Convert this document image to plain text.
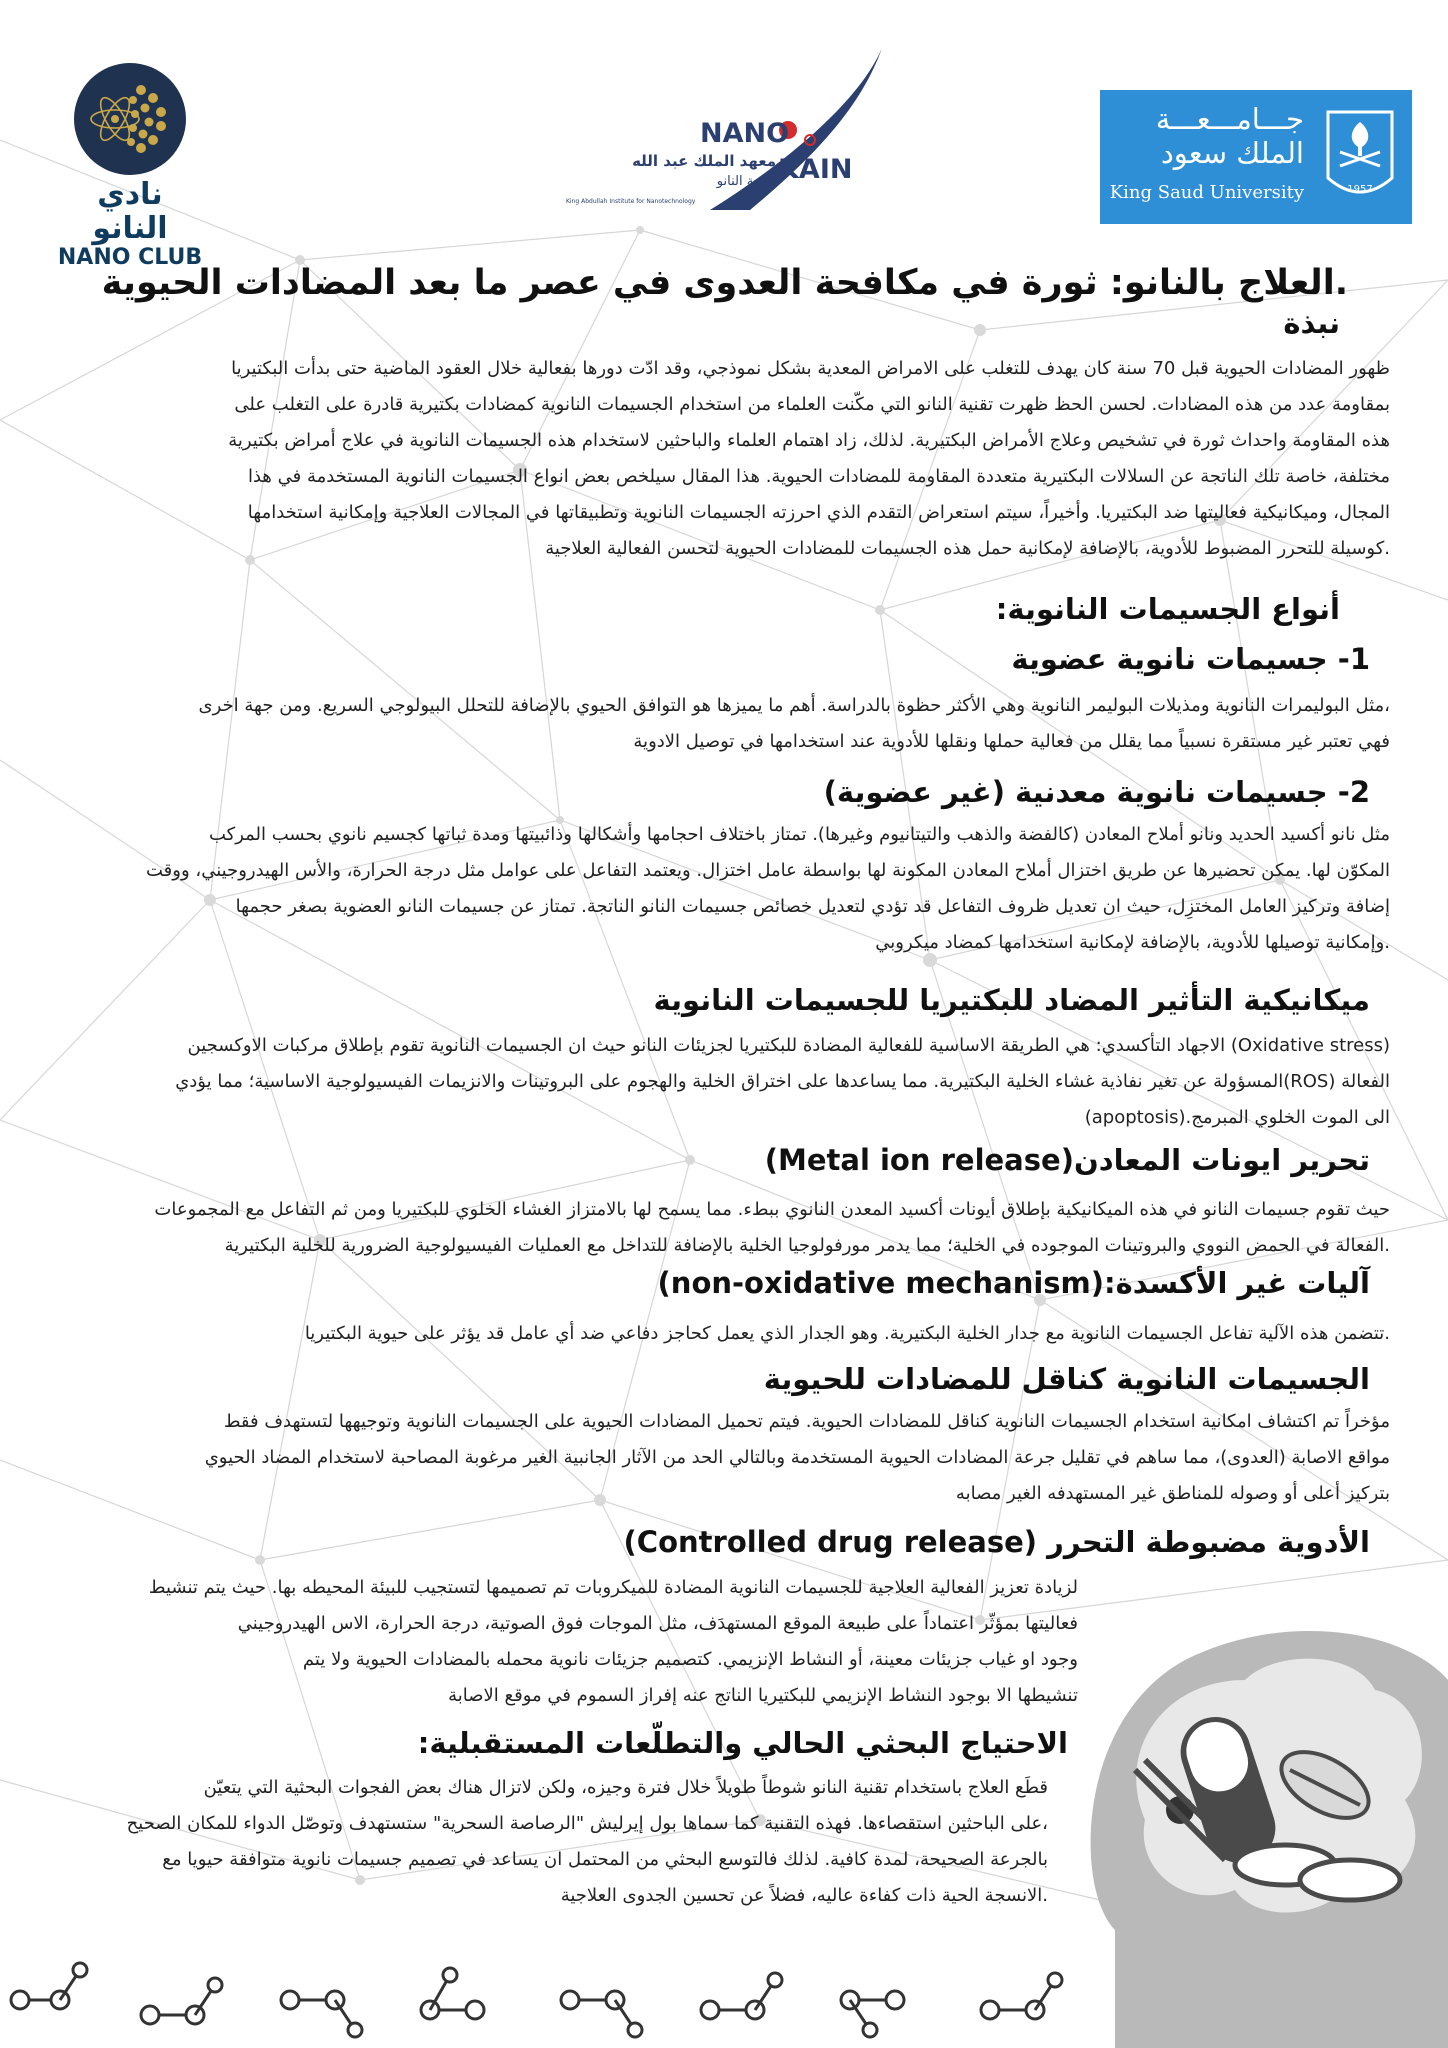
نادي النانو
NANO CLUB
NANO
KAIN
معهد الملك عبد الله
لتقنية النانو
King Abdullah Institute for Nanotechnology
جـــامـــعـــة
الملك سعود
King Saud University	1957
.العلاج بالنانو: ثورة في مكافحة العدوى في عصر ما بعد المضادات الحيوية
نبذة
ظهور المضادات الحيوية قبل 70 سنة كان يهدف للتغلب على الامراض المعدية بشكل نموذجي، وقد ادّت دورها بفعالية خلال العقود الماضية حتى بدأت البكتيريا
بمقاومة عدد من هذه المضادات. لحسن الحظ ظهرت تقنية النانو التي مكّنت العلماء من استخدام الجسيمات النانوية كمضادات بكتيرية قادرة على التغلب على
هذه المقاومة واحداث ثورة في تشخيص وعلاج الأمراض البكتيرية. لذلك، زاد اهتمام العلماء والباحثين لاستخدام هذه الجسيمات النانوية في علاج أمراض بكتيرية
مختلفة، خاصة تلك الناتجة عن السلالات البكتيرية متعددة المقاومة للمضادات الحيوية. هذا المقال سيلخص بعض انواع الجسيمات النانوية المستخدمة في هذا
المجال، وميكانيكية فعاليتها ضد البكتيريا. وأخيراً، سيتم استعراض التقدم الذي احرزته الجسيمات النانوية وتطبيقاتها في المجالات العلاجية وإمكانية استخدامها
.كوسيلة للتحرر المضبوط للأدوية، بالإضافة لإمكانية حمل هذه الجسيمات للمضادات الحيوية لتحسن الفعالية العلاجية
أنواع الجسيمات النانوية:
1- جسيمات نانوية عضوية
،مثل البوليمرات النانوية ومذيلات البوليمر النانوية وهي الأكثر حظوة بالدراسة. أهم ما يميزها هو التوافق الحيوي بالإضافة للتحلل البيولوجي السريع. ومن جهة اخرى
فهي تعتبر غير مستقرة نسبياً مما يقلل من فعالية حملها ونقلها للأدوية عند استخدامها في توصيل الادوية
2- جسيمات نانوية معدنية (غير عضوية)
مثل نانو أكسيد الحديد ونانو أملاح المعادن (كالفضة والذهب والتيتانيوم وغيرها). تمتاز باختلاف احجامها وأشكالها وذائبيتها ومدة ثباتها كجسيم نانوي بحسب المركب
المكوّن لها. يمكن تحضيرها عن طريق اختزال أملاح المعادن المكونة لها بواسطة عامل اختزال. ويعتمد التفاعل على عوامل مثل درجة الحرارة، والأس الهيدروجيني، ووقت
إضافة وتركيز العامل المختزِل، حيث ان تعديل ظروف التفاعل قد تؤدي لتعديل خصائص جسيمات النانو الناتجة. تمتاز عن جسيمات النانو العضوية بصغر حجمها
.وإمكانية توصيلها للأدوية، بالإضافة لإمكانية استخدامها كمضاد ميكروبي
ميكانيكية التأثير المضاد للبكتيريا للجسيمات النانوية
(Oxidative stress) الاجهاد التأكسدي: هي الطريقة الاساسية للفعالية المضادة للبكتيريا لجزيئات النانو حيث ان الجسيمات النانوية تقوم بإطلاق مركبات الاوكسجين
الفعالة (ROS)المسؤولة عن تغير نفاذية غشاء الخلية البكتيرية. مما يساعدها على اختراق الخلية والهجوم على البروتينات والانزيمات الفيسيولوجية الاساسية؛ مما يؤدي
الى الموت الخلوي المبرمج.(apoptosis)
تحرير ايونات المعادن(Metal ion release)
حيث تقوم جسيمات النانو في هذه الميكانيكية بإطلاق أيونات أكسيد المعدن النانوي ببطء. مما يسمح لها بالامتزاز الغشاء الخلوي للبكتيريا ومن ثم التفاعل مع المجموعات
.الفعالة في الحمض النووي والبروتينات الموجوده في الخلية؛ مما يدمر مورفولوجيا الخلية بالإضافة للتداخل مع العمليات الفيسيولوجية الضرورية للخلية البكتيرية
آليات غير الأكسدة:(non-oxidative mechanism)
.تتضمن هذه الآلية تفاعل الجسيمات النانوية مع جدار الخلية البكتيرية. وهو الجدار الذي يعمل كحاجز دفاعي ضد أي عامل قد يؤثر على حيوية البكتيريا
الجسيمات النانوية كناقل للمضادات للحيوية
مؤخراً تم اكتشاف امكانية استخدام الجسيمات النانوية كناقل للمضادات الحيوية. فيتم تحميل المضادات الحيوية على الجسيمات النانوية وتوجيهها لتستهدف فقط
مواقع الاصابة (العدوى)، مما ساهم في تقليل جرعة المضادات الحيوية المستخدمة وبالتالي الحد من الآثار الجانبية الغير مرغوبة المصاحبة لاستخدام المضاد الحيوي
بتركيز أعلى أو وصوله للمناطق غير المستهدفه الغير مصابه
الأدوية مضبوطة التحرر (Controlled drug release)
لزيادة تعزيز الفعالية العلاجية للجسيمات النانوية المضادة للميكروبات تم تصميمها لتستجيب للبيئة المحيطه بها. حيث يتم تنشيط
فعاليتها بمؤثّر اعتماداً على طبيعة الموقع المستهدَف، مثل الموجات فوق الصوتية، درجة الحرارة، الاس الهيدروجيني
وجود او غياب جزيئات معينة، أو النشاط الإنزيمي. كتصميم جزيئات نانوية محمله بالمضادات الحيوية ولا يتم
تنشيطها الا بوجود النشاط الإنزيمي للبكتيريا الناتج عنه إفراز السموم في موقع الاصابة
الاحتياج البحثي الحالي والتطلّعات المستقبلية:
قطَع العلاج باستخدام تقنية النانو شوطاً طويلاً خلال فترة وجيزه، ولكن لاتزال هناك بعض الفجوات البحثية التي يتعيّن
،على الباحثين استقصاءها. فهذه التقنية كما سماها بول إيرليش "الرصاصة السحرية" ستستهدف وتوصّل الدواء للمكان الصحيح
بالجرعة الصحيحة، لمدة كافية. لذلك فالتوسع البحثي من المحتمل ان يساعد في تصميم جسيمات نانوية متوافقة حيويا مع
.الانسجة الحية ذات كفاءة عاليه، فضلاً عن تحسين الجدوى العلاجية
